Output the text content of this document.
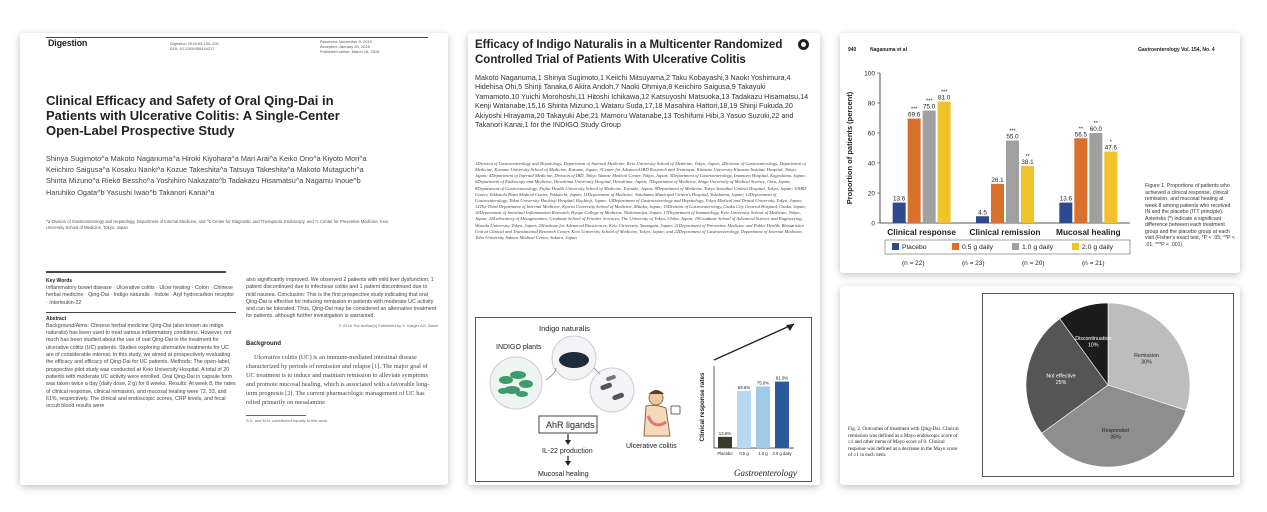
Digestion	Digestion 2016;93:193–201
DOI: 10.1159/000444217
Received: November 9, 2015
Accepted: January 20, 2016
Published online: March 16, 2016
Clinical Efficacy and Safety of Oral Qing-Dai in Patients with Ulcerative Colitis: A Single-Center Open-Label Prospective Study
Shinya Sugimoto^a Makoto Naganuma^a Hiroki Kiyohara^a Mari Arai^a Keiko Ono^a Kiyoto Mori^a Keiichiro Saigusa^a Kosaku Nanki^a Kozue Takeshita^a Tatsuya Takeshita^a Makoto Mutaguchi^a Shinta Mizuno^a Rieko Bessho^a Yoshihiro Nakazato^b Tadakazu Hisamatsu^a Nagamu Inoue^b Haruhiko Ogata^b Yasushi Iwao^b Takanori Kanai^a
^a Division of Gastroenterology and Hepatology, Department of Internal Medicine, and ^b Center for Diagnostic and Therapeutic Endoscopy, and ^c Center for Preventive Medicine, Keio University School of Medicine, Tokyo, Japan
Key Words

Inflammatory bowel disease · Ulcerative colitis · Ulcer healing · Colon · Chinese herbal medicine · Qing-Dai · Indigo naturalis · Indole · Aryl hydrocarbon receptor · Interleukin-22

Abstract

Background/Aims: Chinese herbal medicine Qing-Dai (also known as indigo naturalis) has been used to treat various inflammatory conditions. However, not much has been studied about the use of oral Qing-Dai in the treatment for ulcerative colitis (UC) patients. Studies exploring alternative treatments for UC are of considerable interest. In this study, we aimed at prospectively evaluating the efficacy and efficacy of Qing-Dai for UC patients. Methods: The open-label, prospective pilot study was conducted at Keio University Hospital. A total of 20 patients with moderate UC activity were enrolled. Oral Qing-Dai in capsule form was taken twice a day (daily dose, 2 g) for 8 weeks. Results: At week 8, the rates of clinical response, clinical remission, and mucosal healing were 72, 33, and 61%, respectively. The clinical and endoscopic scores, CRP levels, and fecal occult blood results were

also significantly improved. We observed 2 patients with mild liver dysfunction; 1 patient discontinued due to infectious colitis and 1 patient discontinued due to mild nausea. Conclusion: This is the first prospective study indicating that oral Qing-Dai is effective for inducing remission in patients with moderate UC activity and can be tolerated. Thus, Qing-Dai may be considered an alternative treatment for patients, although further investigation is warranted.

© 2016 The Author(s) Published by S. Karger AG, Basel
Background

Ulcerative colitis (UC) is an immune-mediated intestinal disease characterized by periods of remission and relapse [1]. The major goal of UC treatment is to induce and maintain remission to alleviate symptoms and promote mucosal healing, which is associated with a favorable long-term prognosis [2]. The current pharmacologic management of UC has relied primarily on mesalamine

S.S. and M.N. contributed equally to this work.
Efficacy of Indigo Naturalis in a Multicenter Randomized Controlled Trial of Patients With Ulcerative Colitis
Makoto Naganuma,1 Shinya Sugimoto,1 Keiichi Mitsuyama,2 Taku Kobayashi,3 Naoki Yoshimura,4 Hidehisa Ohi,5 Shinji Tanaka,6 Akira Andoh,7 Naoki Ohmiya,8 Keiichiro Saigusa,9 Takayuki Yamamoto,10 Yuichi Morohoshi,11 Hitoshi Ichikawa,12 Katsuyoshi Matsuoka,13 Tadakazu Hisamatsu,14 Kenji Watanabe,15,16 Shinta Mizuno,1 Wataru Suda,17,18 Masahira Hattori,18,19 Shinji Fukuda,20 Akiyoshi Hirayama,20 Takayuki Abe,21 Mamoru Watanabe,13 Toshifumi Hibi,3 Yasuo Suzuki,22 and Takanori Kanai,1 for the INDIGO Study Group
1Division of Gastroenterology and Hepatology, Department of Internal Medicine, Keio University School of Medicine, Tokyo, Japan; 2Division of Gastroenterology, Department of Medicine, Kurume University School of Medicine, Kurume, Japan; 3Center for Advanced IBD Research and Treatment, Kitasato University Kitasato Institute Hospital, Tokyo, Japan; 4Department of Internal Medicine, Division of IBD, Tokyo Yamate Medical Center, Tokyo, Japan; 5Department of Gastroenterology, Imamura Hospital, Kagoshima, Japan; 6Department of Endoscopy and Medicine, Hiroshima University Hospital, Hiroshima, Japan; 7Department of Medicine, Shiga University of Medical Science, Otsu, Japan; 8Department of Gastroenterology, Fujita Health University School of Medicine, Toyoake, Japan; 9Department of Medicine, Tokyo Saiseikai Central Hospital, Tokyo, Japan; 10IBD Center, Yokkaichi Hazu Medical Center, Yokkaichi, Japan; 11Department of Medicine, Yokohama Municipal Citizen's Hospital, Yokohama, Japan; 12Department of Gastroenterology, Tokai University Hachioji Hospital, Hachioji, Japan; 13Department of Gastroenterology and Hepatology, Tokyo Medical and Dental University, Tokyo, Japan; 14The Third Department of Internal Medicine, Kyorin University School of Medicine, Mitaka, Japan; 15Division of Gastroenterology, Osaka City General Hospital, Osaka, Japan; 16Department of Intestinal Inflammation Research, Hyogo College of Medicine, Nishinomiya, Japan; 17Department of Immunology, Keio University School of Medicine, Tokyo, Japan; 18Laboratory of Metagenomics, Graduate School of Frontier Sciences, The University of Tokyo, Chiba, Japan; 19Graduate School of Advanced Science and Engineering, Waseda University, Tokyo, Japan; 20Institute for Advanced Biosciences, Keio University, Yamagata, Japan; 21Department of Preventive Medicine and Public Health, Biostatistics Unit at Clinical and Translational Research Center, Keio University School of Medicine, Tokyo, Japan; and 22Department of Gastroenterology, Department of Internal Medicine, Toho University Sakura Medical Center, Sakura, Japan
Indigo naturalis
INDIGO plants
AhR ligands
IL-22 production
Mucosal healing
Ulcerative colitis
Clinical response rates	13.6%
Placebo
69.6%
0.5 g
75.0%
1.0 g
81.0%
2.0 g daily
Gastroenterology
940	Naganuma et al	Gastroenterology Vol. 154, No. 4
Proportion of patients (percent)
0
20
40
60
80
100
13.6
69.6
*** 75.0
*** 81.0
***
Clinical response
4.5
26.1
55.0
***
38.1
**
Clinical remission
13.6
56.5
** 60.0
**
47.6
*
Mucosal healing
Placebo
(n = 22)
0.5 g daily
(n = 23)
1.0 g daily
(n = 20)
2.0 g daily
(n = 21)
Figure 1. Proportions of patients who achieved a clinical response, clinical remission, and mucosal healing at week 8 among patients who received IN and the placebo (ITT principle). Asterisks (*) indicate a significant difference between each treatment group and the placebo group at each visit (Fisher's exact test, *P < .05; **P < .01; ***P < .001).
Fig. 2. Outcomes of treatment with Qing-Dai. Clinical remission was defined as a Mayo endoscopic score of ≤1 and other items of Mayo score of 0. Clinical response was defined as a decrease in the Mayo score of ≥1 in each item.
Remission
30%
Responded
35%
Not effective
25%
Discontinuation
10%
